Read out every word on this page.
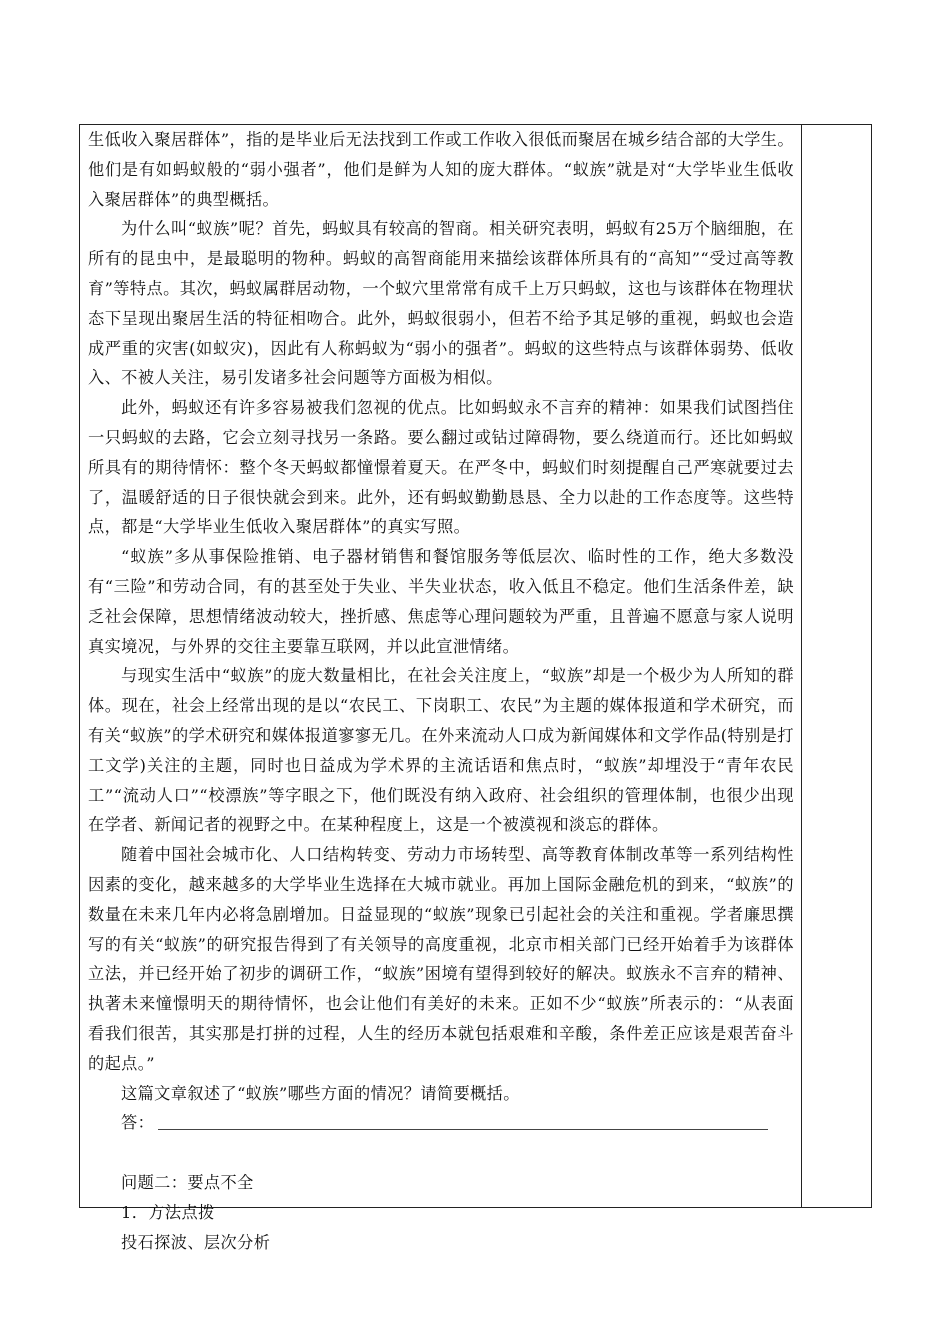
生低收入聚居群体”，指的是毕业后无法找到工作或工作收入很低而聚居在城乡结合部的大学生。他们是有如蚂蚁般的“弱小强者”，他们是鲜为人知的庞大群体。“蚁族”就是对“大学毕业生低收入聚居群体”的典型概括。

为什么叫“蚁族”呢？首先，蚂蚁具有较高的智商。相关研究表明，蚂蚁有25万个脑细胞，在所有的昆虫中，是最聪明的物种。蚂蚁的高智商能用来描绘该群体所具有的“高知”“受过高等教育”等特点。其次，蚂蚁属群居动物，一个蚁穴里常常有成千上万只蚂蚁，这也与该群体在物理状态下呈现出聚居生活的特征相吻合。此外，蚂蚁很弱小，但若不给予其足够的重视，蚂蚁也会造成严重的灾害(如蚁灾)，因此有人称蚂蚁为“弱小的强者”。蚂蚁的这些特点与该群体弱势、低收入、不被人关注，易引发诸多社会问题等方面极为相似。

此外，蚂蚁还有许多容易被我们忽视的优点。比如蚂蚁永不言弃的精神：如果我们试图挡住一只蚂蚁的去路，它会立刻寻找另一条路。要么翻过或钻过障碍物，要么绕道而行。还比如蚂蚁所具有的期待情怀：整个冬天蚂蚁都憧憬着夏天。在严冬中，蚂蚁们时刻提醒自己严寒就要过去了，温暖舒适的日子很快就会到来。此外，还有蚂蚁勤勤恳恳、全力以赴的工作态度等。这些特点，都是“大学毕业生低收入聚居群体”的真实写照。

“蚁族”多从事保险推销、电子器材销售和餐馆服务等低层次、临时性的工作，绝大多数没有“三险”和劳动合同，有的甚至处于失业、半失业状态，收入低且不稳定。他们生活条件差，缺乏社会保障，思想情绪波动较大，挫折感、焦虑等心理问题较为严重，且普遍不愿意与家人说明真实境况，与外界的交往主要靠互联网，并以此宣泄情绪。

与现实生活中“蚁族”的庞大数量相比，在社会关注度上，“蚁族”却是一个极少为人所知的群体。现在，社会上经常出现的是以“农民工、下岗职工、农民”为主题的媒体报道和学术研究，而有关“蚁族”的学术研究和媒体报道寥寥无几。在外来流动人口成为新闻媒体和文学作品(特别是打工文学)关注的主题，同时也日益成为学术界的主流话语和焦点时，“蚁族”却埋没于“青年农民工”“流动人口”“校漂族”等字眼之下，他们既没有纳入政府、社会组织的管理体制，也很少出现在学者、新闻记者的视野之中。在某种程度上，这是一个被漠视和淡忘的群体。

随着中国社会城市化、人口结构转变、劳动力市场转型、高等教育体制改革等一系列结构性因素的变化，越来越多的大学毕业生选择在大城市就业。再加上国际金融危机的到来，“蚁族”的数量在未来几年内必将急剧增加。日益显现的“蚁族”现象已引起社会的关注和重视。学者廉思撰写的有关“蚁族”的研究报告得到了有关领导的高度重视，北京市相关部门已经开始着手为该群体立法，并已经开始了初步的调研工作，“蚁族”困境有望得到较好的解决。蚁族永不言弃的精神、执著未来憧憬明天的期待情怀，也会让他们有美好的未来。正如不少“蚁族”所表示的：“从表面看我们很苦，其实那是打拼的过程，人生的经历本就包括艰难和辛酸，条件差正应该是艰苦奋斗的起点。”

这篇文章叙述了“蚁族”哪些方面的情况？请简要概括。

答：

问题二：要点不全

1．方法点拨

投石探波、层次分析
